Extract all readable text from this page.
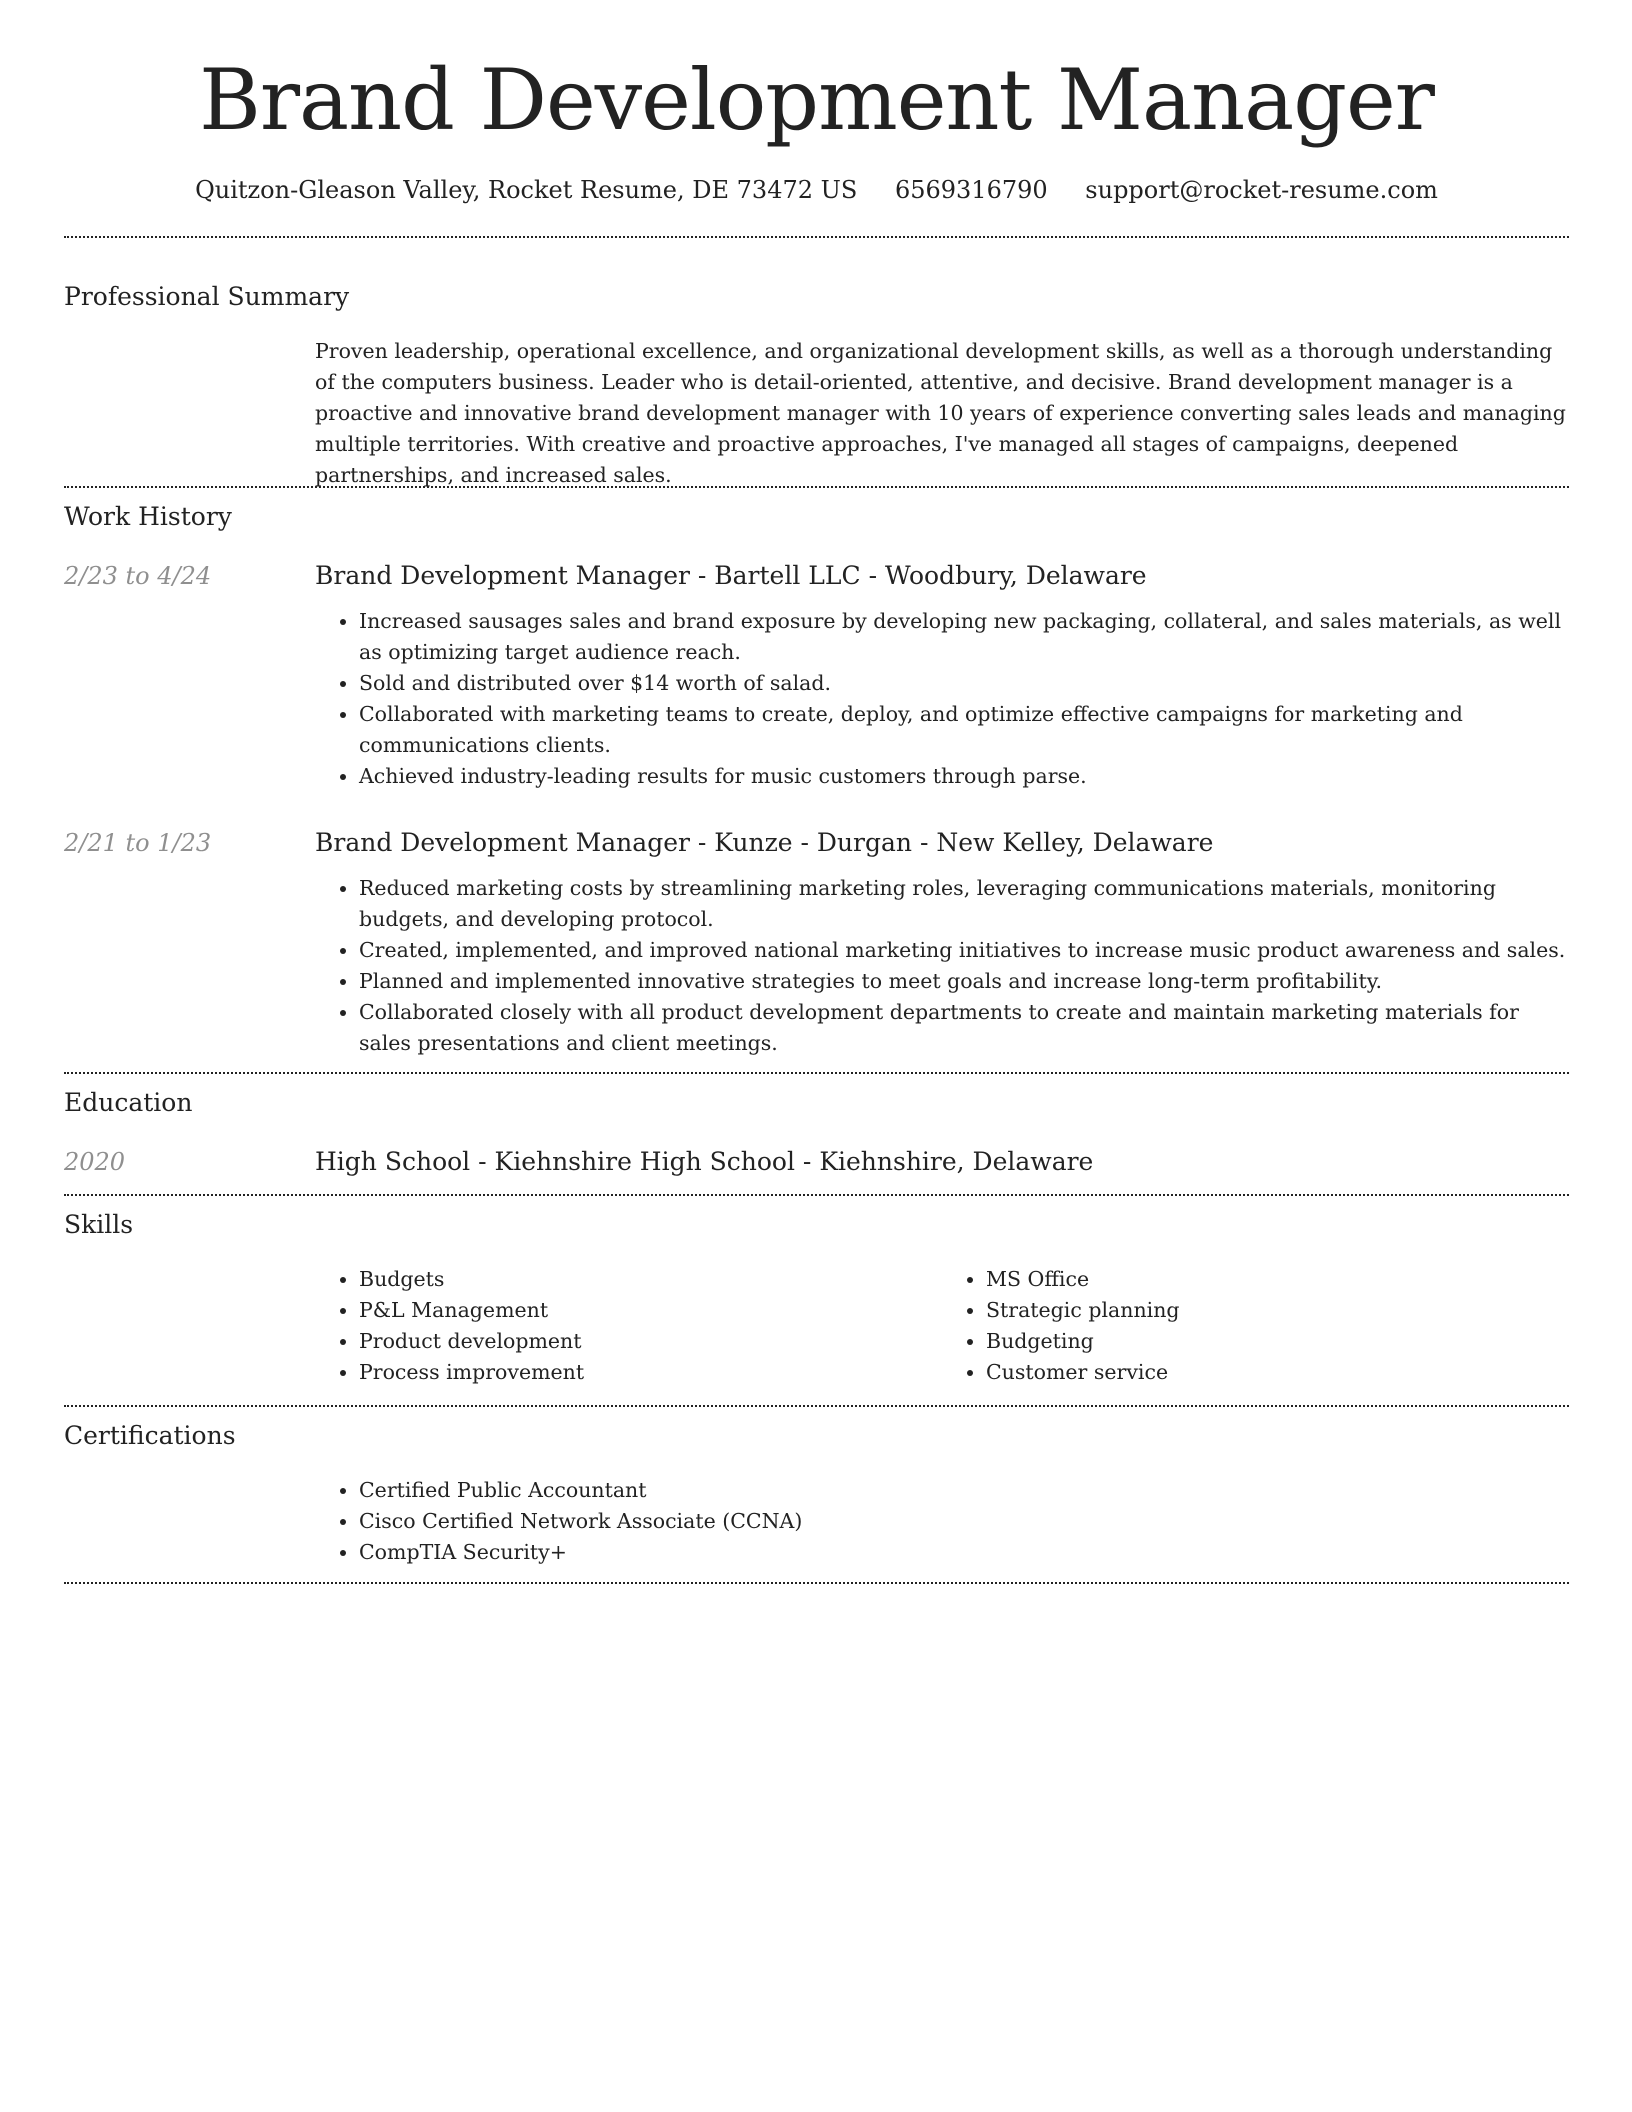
Brand Development Manager
Quitzon-Gleason Valley, Rocket Resume, DE 73472 US 6569316790 support@rocket-resume.com
Professional Summary

Proven leadership, operational excellence, and organizational development skills, as well as a thorough understanding of the computers business. Leader who is detail-oriented, attentive, and decisive. Brand development manager is a proactive and innovative brand development manager with 10 years of experience converting sales leads and managing multiple territories. With creative and proactive approaches, I've managed all stages of campaigns, deepened partnerships, and increased sales.

Work History
2/23 to 4/24	Brand Development Manager - Bartell LLC - Woodbury, Delaware
• Increased sausages sales and brand exposure by developing new packaging, collateral, and sales materials, as well as optimizing target audience reach.
• Sold and distributed over $14 worth of salad.
• Collaborated with marketing teams to create, deploy, and optimize effective campaigns for marketing and communications clients.
• Achieved industry-leading results for music customers through parse.
2/21 to 1/23	Brand Development Manager - Kunze - Durgan - New Kelley, Delaware
• Reduced marketing costs by streamlining marketing roles, leveraging communications materials, monitoring budgets, and developing protocol.
• Created, implemented, and improved national marketing initiatives to increase music product awareness and sales.
• Planned and implemented innovative strategies to meet goals and increase long-term profitability.
• Collaborated closely with all product development departments to create and maintain marketing materials for sales presentations and client meetings.
Education
2020	High School - Kiehnshire High School - Kiehnshire, Delaware
Skills
• Budgets
• P&L Management
• Product development
• Process improvement
• MS Office
• Strategic planning
• Budgeting
• Customer service
Certifications
• Certified Public Accountant
• Cisco Certified Network Associate (CCNA)
• CompTIA Security+
